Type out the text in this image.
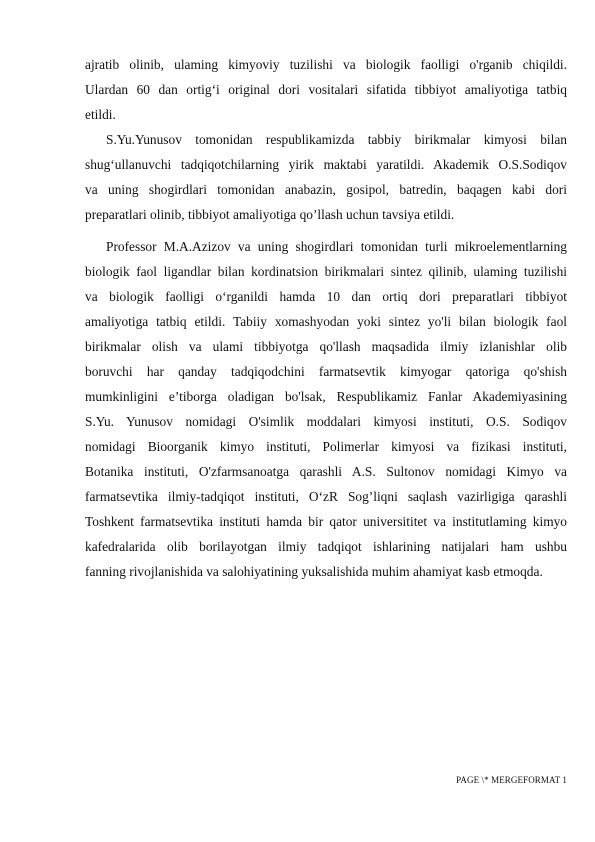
ajratib olinib, ulaming kimyoviy tuzilishi va biologik faolligi o'rganib chiqildi.
Ulardan 60 dan ortig‘i original dori vositalari sifatida tibbiyot amaliyotiga tatbiq
etildi.
S.Yu.Yunusov tomonidan respublikamizda tabbiy birikmalar kimyosi bilan
shug‘ullanuvchi tadqiqotchilarning yirik maktabi yaratildi. Akademik O.S.Sodiqov
va uning shogirdlari tomonidan anabazin, gosipol, batredin, baqagen kabi dori
preparatlari olinib, tibbiyot amaliyotiga qo’llash uchun tavsiya etildi.
Professor M.A.Azizov va uning shogirdlari tomonidan turli mikroelementlarning
biologik faol ligandlar bilan kordinatsion birikmalari sintez qilinib, ulaming tuzilishi
va biologik faolligi o‘rganildi hamda 10 dan ortiq dori preparatlari tibbiyot
amaliyotiga tatbiq etildi. Tabiiy xomashyodan yoki sintez yo'li bilan biologik faol
birikmalar olish va ulami tibbiyotga qo'llash maqsadida ilmiy izlanishlar olib
boruvchi har qanday tadqiqodchini farmatsevtik kimyogar qatoriga qo'shish
mumkinligini e’tiborga oladigan bo'lsak, Respublikamiz Fanlar Akademiyasining
S.Yu. Yunusov nomidagi O'simlik moddalari kimyosi instituti, O.S. Sodiqov
nomidagi Bioorganik kimyo instituti, Polimerlar kimyosi va fizikasi instituti,
Botanika instituti, O'zfarmsanoatga qarashli A.S. Sultonov nomidagi Kimyo va
farmatsevtika ilmiy-tadqiqot instituti, O‘zR Sog’liqni saqlash vazirligiga qarashli
Toshkent farmatsevtika instituti hamda bir qator universititet va institutlaming kimyo
kafedralarida olib borilayotgan ilmiy tadqiqot ishlarining natijalari ham ushbu
fanning rivojlanishida va salohiyatining yuksalishida muhim ahamiyat kasb etmoqda.
PAGE \* MERGEFORMAT 1
